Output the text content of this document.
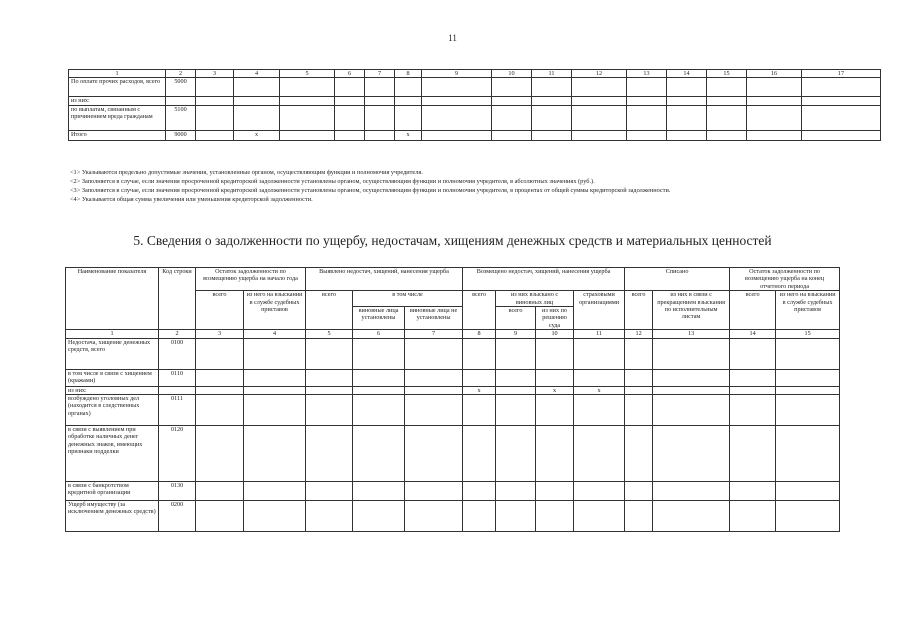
11
1	2	3	4	5	6	7	8	9	10	11	12	13	14	15	16	17
По оплате прочих расходов, всего	5000															
из них:																
по выплатам, связанным с причинением вреда гражданам	5100															
Итого	9000		x				x									
<1> Указываются предельно допустимые значения, установленные органом, осуществляющим функции и полномочия учредителя.
<2> Заполняется в случае, если значения просроченной кредиторской задолженности установлены органом, осуществляющим функции и полномочия учредителя, в абсолютных значениях (руб.).
<3> Заполняется в случае, если значения просроченной кредиторской задолженности установлены органом, осуществляющим функции и полномочия учредителя, в процентах от общей суммы кредиторской задолженности.
<4> Указывается общая сумма увеличения или уменьшения кредиторской задолженности.
5. Сведения о задолженности по ущербу, недостачам, хищениям денежных средств и материальных ценностей
Наименование показателя	Код строки	Остаток задолженности по возмещению ущерба на начало года		Выявлено недостач, хищений, нанесения ущерба			Возмещено недостач, хищений, нанесения ущерба				Списано		Остаток задолженности по возмещению ущерба на конец отчетного периода	
		всего	из него на взыскании в службе судебных приставов	всего	в том числе		всего	из них взыскано с виновных лиц		страховыми организациями	всего	из них в связи с прекращением взыскания по исполнительным листам	всего	из него на взыскании в службе судебных приставов
					виновные лица установлены	виновные лица не установлены		всего	из них по решению суда					
1	2	3	4	5	6	7	8	9	10	11	12	13	14	15
Недостача, хищение денежных средств, всего	0100													
в том числе в связи с хищением (кражами)	0110													
из них:							x		x	x				
возбуждено уголовных дел (находится в следственных органах)	0111													
в связи с выявлением при обработке наличных денег денежных знаков, имеющих признаки подделки	0120													
в связи с банкротством кредитной организации	0130													
Ущерб имуществу (за исключением денежных средств)	0200													
